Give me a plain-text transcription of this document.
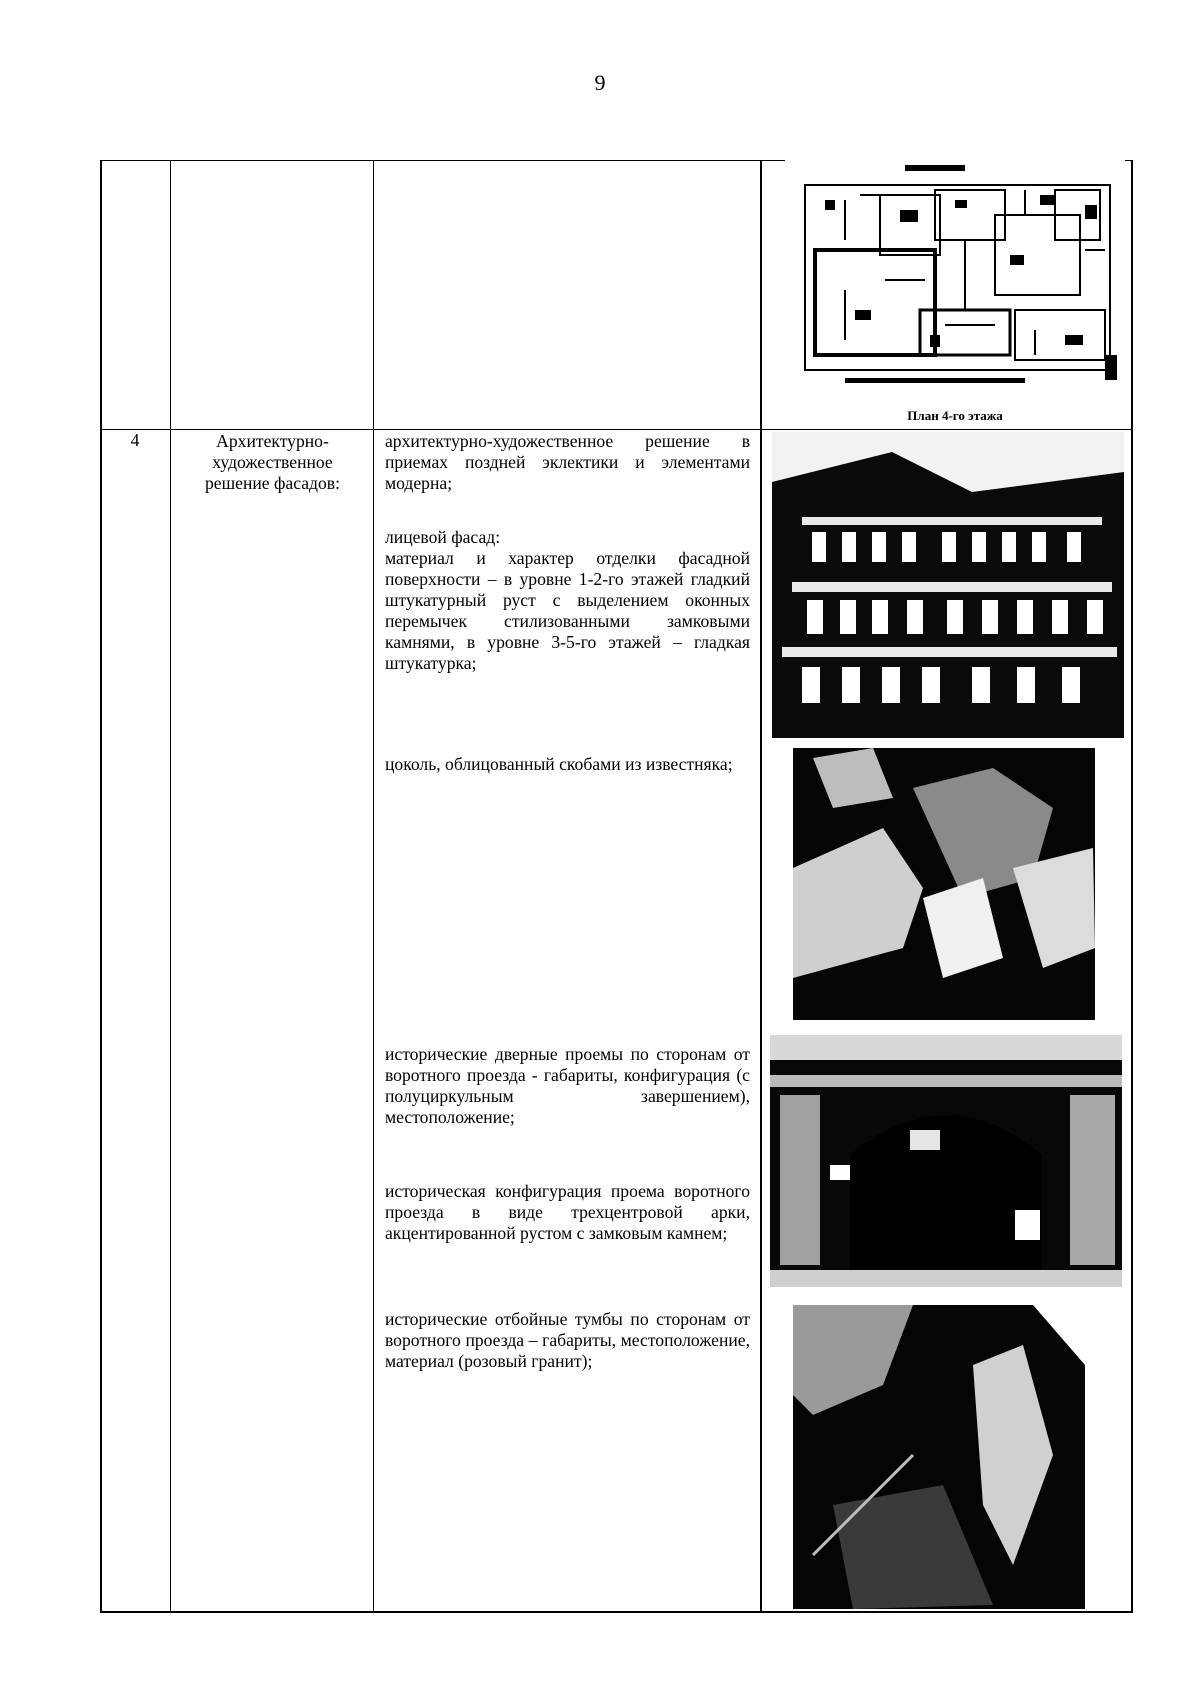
9
План 4-го этажа
4	Архитектурно-художественное решение фасадов:
архитектурно-художественное решение в приемах поздней эклектики и элементами модерна;
лицевой фасад:
материал и характер отделки фасадной поверхности – в уровне 1-2-го этажей гладкий штукатурный руст с выделением оконных перемычек стилизованными замковыми камнями, в уровне 3-5-го этажей – гладкая штукатурка;
цоколь, облицованный скобами из известняка;
исторические дверные проемы по сторонам от воротного проезда - габариты, конфигурация (с полуциркульным завершением), местоположение;
историческая конфигурация проема воротного проезда в виде трехцентровой арки, акцентированной рустом с замковым камнем;
исторические отбойные тумбы по сторонам от воротного проезда – габариты, местоположение, материал (розовый гранит);
